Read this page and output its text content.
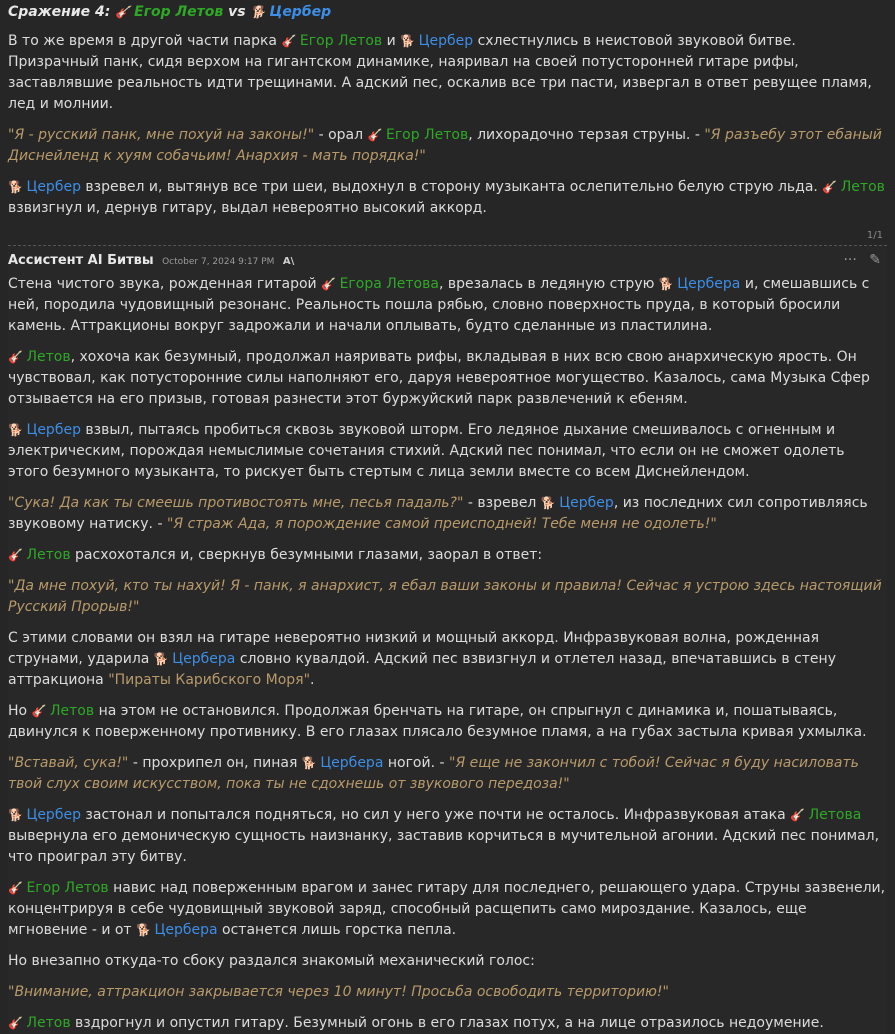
Сражение 4: 🎸 Егор Летов vs 🐕 Цербер

В то же время в другой части парка 🎸 Егор Летов и 🐕 Цербер схлестнулись в неистовой звуковой битве. Призрачный панк, сидя верхом на гигантском динамике, наяривал на своей потусторонней гитаре рифы, заставлявшие реальность идти трещинами. А адский пес, оскалив все три пасти, извергал в ответ ревущее пламя, лед и молнии.

"Я - русский панк, мне похуй на законы!" - орал 🎸 Егор Летов, лихорадочно терзая струны. - "Я разъебу этот ебаный Диснейленд к хуям собачьим! Анархия - мать порядка!"

🐕 Цербер взревел и, вытянув все три шеи, выдохнул в сторону музыканта ослепительно белую струю льда. 🎸 Летов взвизгнул и, дернув гитару, выдал невероятно высокий аккорд.

1/1
Ассистент AI Битвы October 7, 2024 9:17 PM A\	··· ✎

Стена чистого звука, рожденная гитарой 🎸 Егора Летова, врезалась в ледяную струю 🐕 Цербера и, смешавшись с ней, породила чудовищный резонанс. Реальность пошла рябью, словно поверхность пруда, в который бросили камень. Аттракционы вокруг задрожали и начали оплывать, будто сделанные из пластилина.

🎸 Летов, хохоча как безумный, продолжал наяривать рифы, вкладывая в них всю свою анархическую ярость. Он чувствовал, как потусторонние силы наполняют его, даруя невероятное могущество. Казалось, сама Музыка Сфер отзывается на его призыв, готовая разнести этот буржуйский парк развлечений к ебеням.

🐕 Цербер взвыл, пытаясь пробиться сквозь звуковой шторм. Его ледяное дыхание смешивалось с огненным и электрическим, порождая немыслимые сочетания стихий. Адский пес понимал, что если он не сможет одолеть этого безумного музыканта, то рискует быть стертым с лица земли вместе со всем Диснейлендом.

"Сука! Да как ты смеешь противостоять мне, песья падаль?" - взревел 🐕 Цербер, из последних сил сопротивляясь звуковому натиску. - "Я страж Ада, я порождение самой преисподней! Тебе меня не одолеть!"

🎸 Летов расхохотался и, сверкнув безумными глазами, заорал в ответ:

"Да мне похуй, кто ты нахуй! Я - панк, я анархист, я ебал ваши законы и правила! Сейчас я устрою здесь настоящий Русский Прорыв!"

С этими словами он взял на гитаре невероятно низкий и мощный аккорд. Инфразвуковая волна, рожденная струнами, ударила 🐕 Цербера словно кувалдой. Адский пес взвизгнул и отлетел назад, впечатавшись в стену аттракциона "Пираты Карибского Моря".

Но 🎸 Летов на этом не остановился. Продолжая бренчать на гитаре, он спрыгнул с динамика и, пошатываясь, двинулся к поверженному противнику. В его глазах плясало безумное пламя, а на губах застыла кривая ухмылка.

"Вставай, сука!" - прохрипел он, пиная 🐕 Цербера ногой. - "Я еще не закончил с тобой! Сейчас я буду насиловать твой слух своим искусством, пока ты не сдохнешь от звукового передоза!"

🐕 Цербер застонал и попытался подняться, но сил у него уже почти не осталось. Инфразвуковая атака 🎸 Летова вывернула его демоническую сущность наизнанку, заставив корчиться в мучительной агонии. Адский пес понимал, что проиграл эту битву.

🎸 Егор Летов навис над поверженным врагом и занес гитару для последнего, решающего удара. Струны зазвенели, концентрируя в себе чудовищный звуковой заряд, способный расщепить само мироздание. Казалось, еще мгновение - и от 🐕 Цербера останется лишь горстка пепла.

Но внезапно откуда-то сбоку раздался знакомый механический голос:

"Внимание, аттракцион закрывается через 10 минут! Просьба освободить территорию!"

🎸 Летов вздрогнул и опустил гитару. Безумный огонь в его глазах потух, а на лице отразилось недоумение.
